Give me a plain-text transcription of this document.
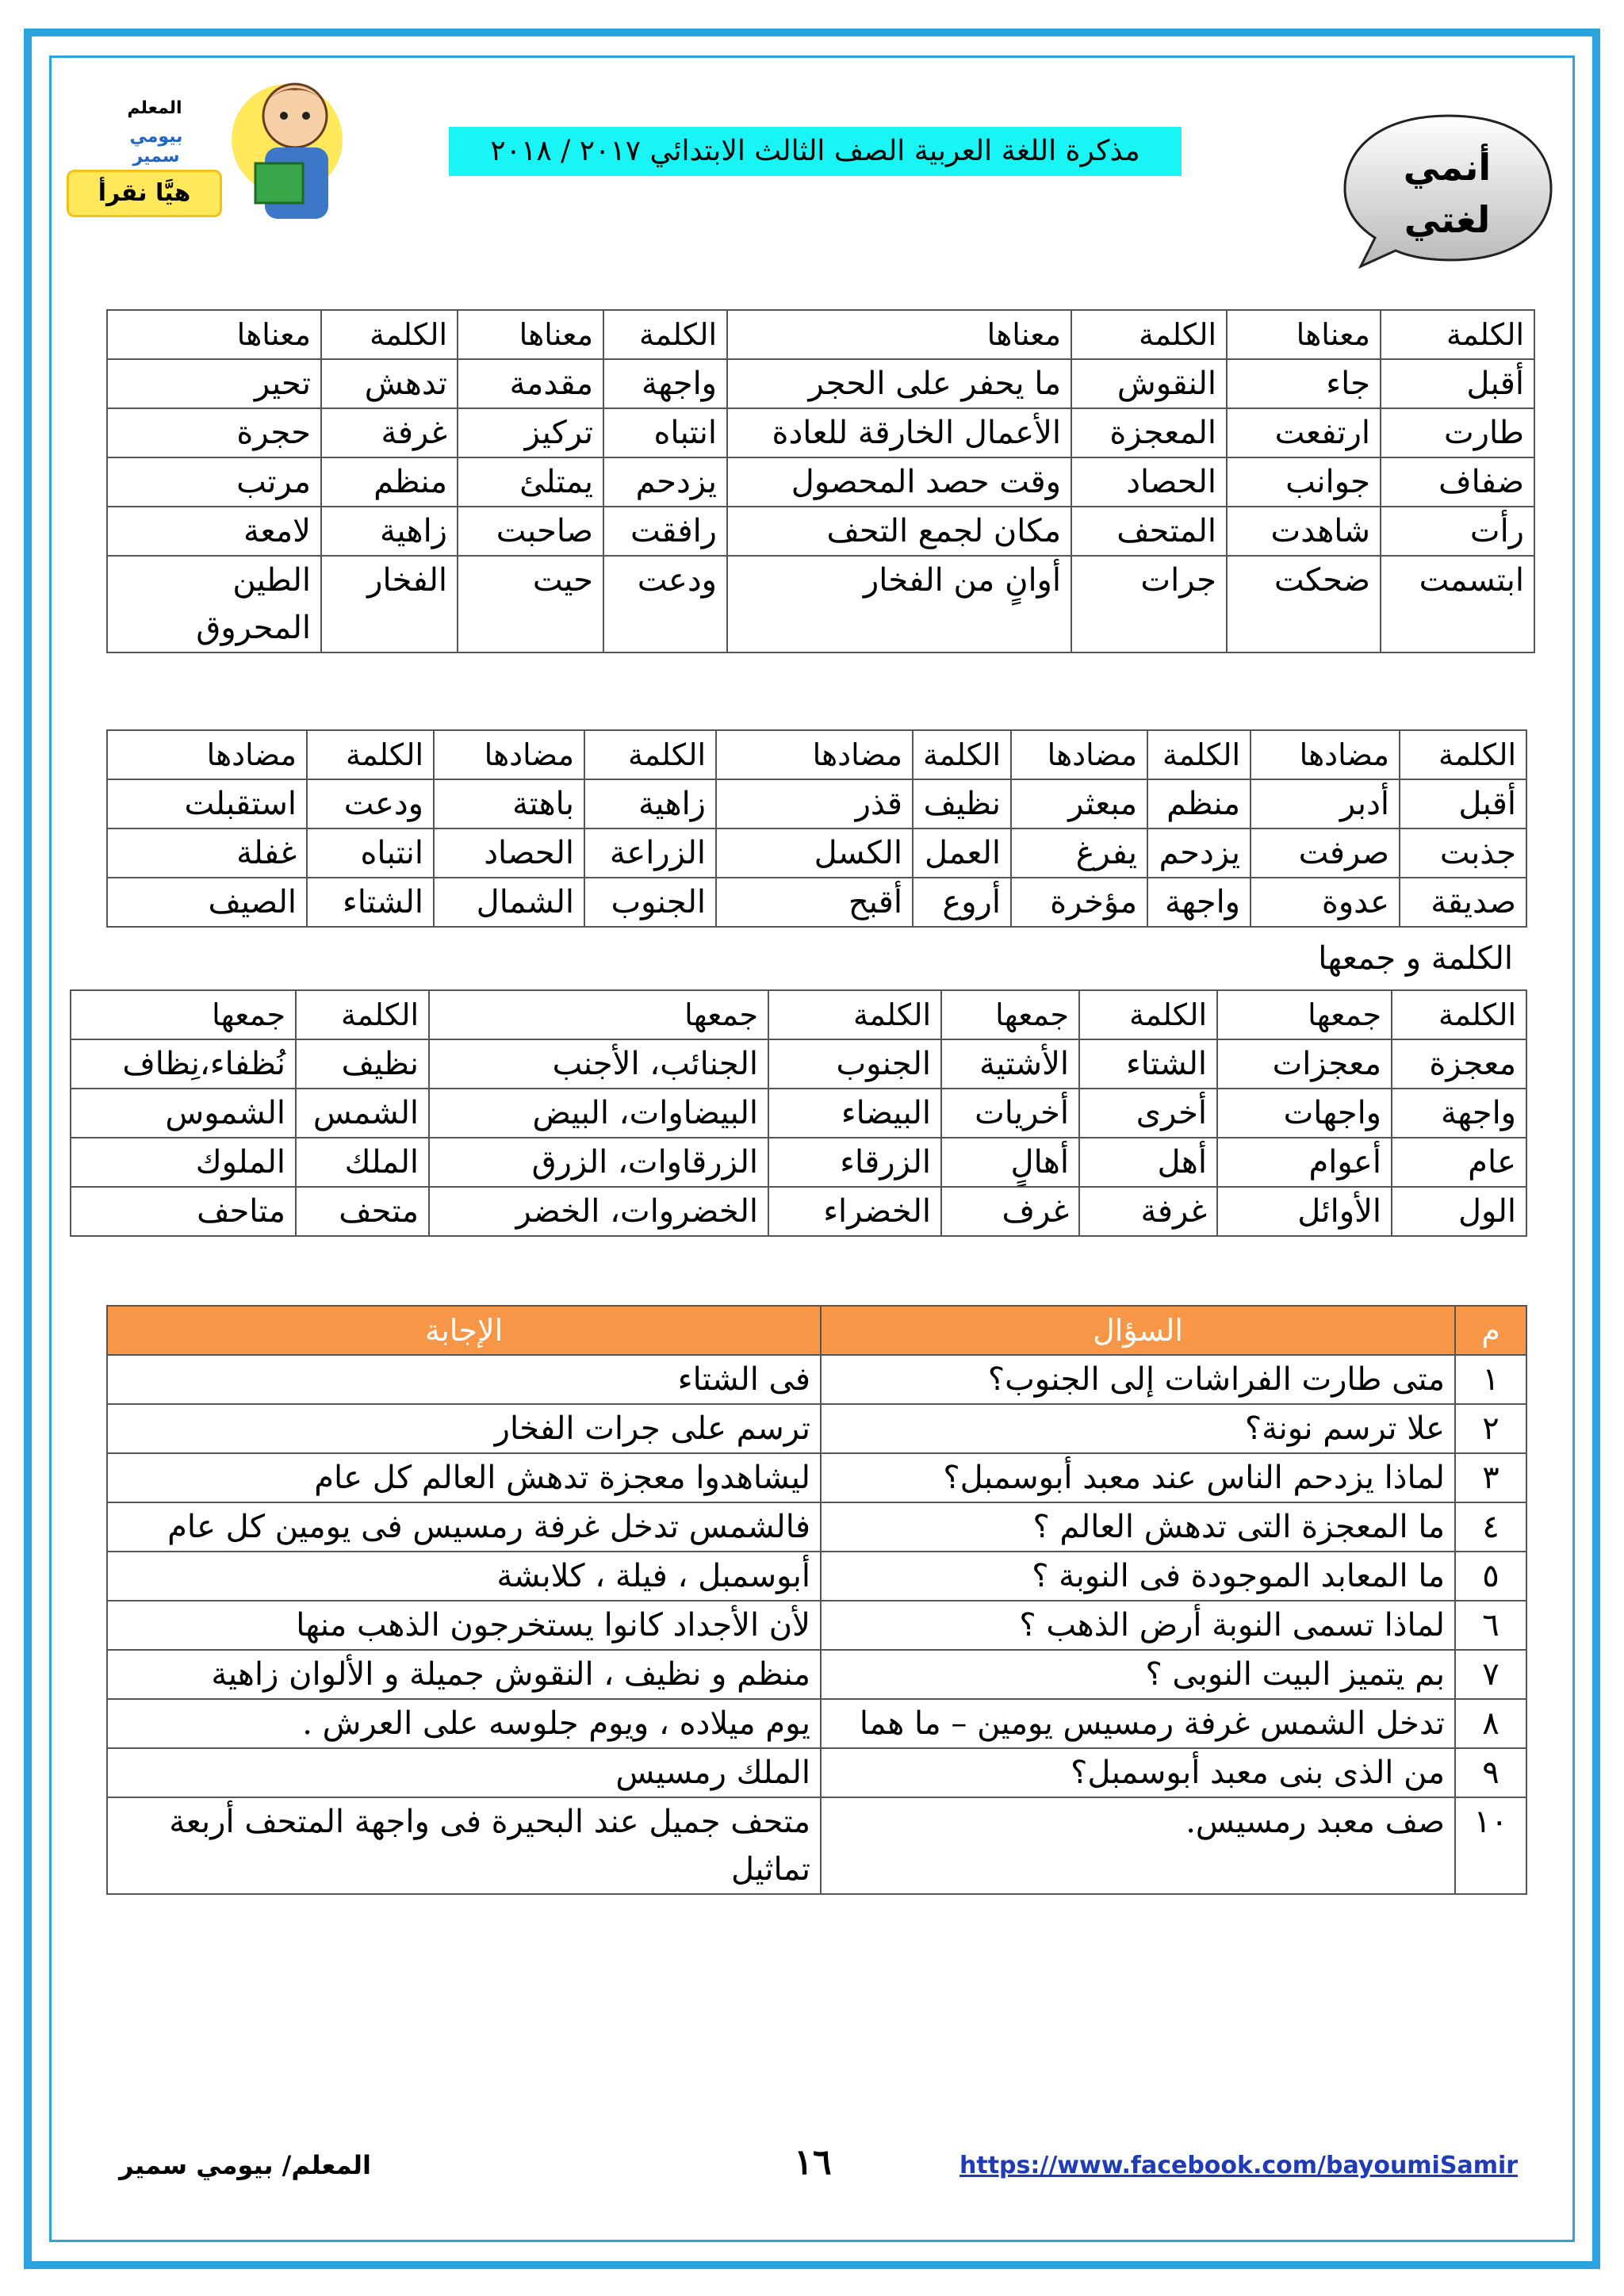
المعلم
بيومي سمير
هيَّا نقرأ
مذكرة اللغة العربية الصف الثالث الابتدائي ٢٠١٧ / ٢٠١٨	أنمي
لغتي
الكلمة	معناها	الكلمة	معناها	الكلمة	معناها	الكلمة	معناها
أقبل	جاء	النقوش	ما يحفر على الحجر	واجهة	مقدمة	تدهش	تحير
طارت	ارتفعت	المعجزة	الأعمال الخارقة للعادة	انتباه	تركيز	غرفة	حجرة
ضفاف	جوانب	الحصاد	وقت حصد المحصول	يزدحم	يمتلئ	منظم	مرتب
رأت	شاهدت	المتحف	مكان لجمع التحف	رافقت	صاحبت	زاهية	لامعة
ابتسمت	ضحكت	جرات	أوانٍ من الفخار	ودعت	حيت	الفخار	الطين المحروق
الكلمة	مضادها	الكلمة	مضادها	الكلمة	مضادها	الكلمة	مضادها	الكلمة	مضادها
أقبل	أدبر	منظم	مبعثر	نظيف	قذر	زاهية	باهتة	ودعت	استقبلت
جذبت	صرفت	يزدحم	يفرغ	العمل	الكسل	الزراعة	الحصاد	انتباه	غفلة
صديقة	عدوة	واجهة	مؤخرة	أروع	أقبح	الجنوب	الشمال	الشتاء	الصيف
الكلمة و جمعها
الكلمة	جمعها	الكلمة	جمعها	الكلمة	جمعها	الكلمة	جمعها
معجزة	معجزات	الشتاء	الأشتية	الجنوب	الجنائب، الأجنب	نظيف	نُظفاء،نِظاف
واجهة	واجهات	أخرى	أخريات	البيضاء	البيضاوات، البيض	الشمس	الشموس
عام	أعوام	أهل	أهالٍ	الزرقاء	الزرقاوات، الزرق	الملك	الملوك
الول	الأوائل	غرفة	غرف	الخضراء	الخضروات، الخضر	متحف	متاحف
م	السؤال	الإجابة
١	متى طارت الفراشات إلى الجنوب؟	فى الشتاء
٢	علا ترسم نونة؟	ترسم على جرات الفخار
٣	لماذا يزدحم الناس عند معبد أبوسمبل؟	ليشاهدوا معجزة تدهش العالم كل عام
٤	ما المعجزة التى تدهش العالم ؟	فالشمس تدخل غرفة رمسيس فى يومين كل عام
٥	ما المعابد الموجودة فى النوبة ؟	أبوسمبل ، فيلة ، كلابشة
٦	لماذا تسمى النوبة أرض الذهب ؟	لأن الأجداد كانوا يستخرجون الذهب منها
٧	بم يتميز البيت النوبى ؟	منظم و نظيف ، النقوش جميلة و الألوان زاهية
٨	تدخل الشمس غرفة رمسيس يومين – ما هما	يوم ميلاده ، ويوم جلوسه على العرش .
٩	من الذى بنى معبد أبوسمبل؟	الملك رمسيس
١٠	صف معبد رمسيس.	متحف جميل عند البحيرة فى واجهة المتحف أربعة تماثيل
المعلم/ بيومي سمير	١٦	https://www.facebook.com/bayoumiSamir
